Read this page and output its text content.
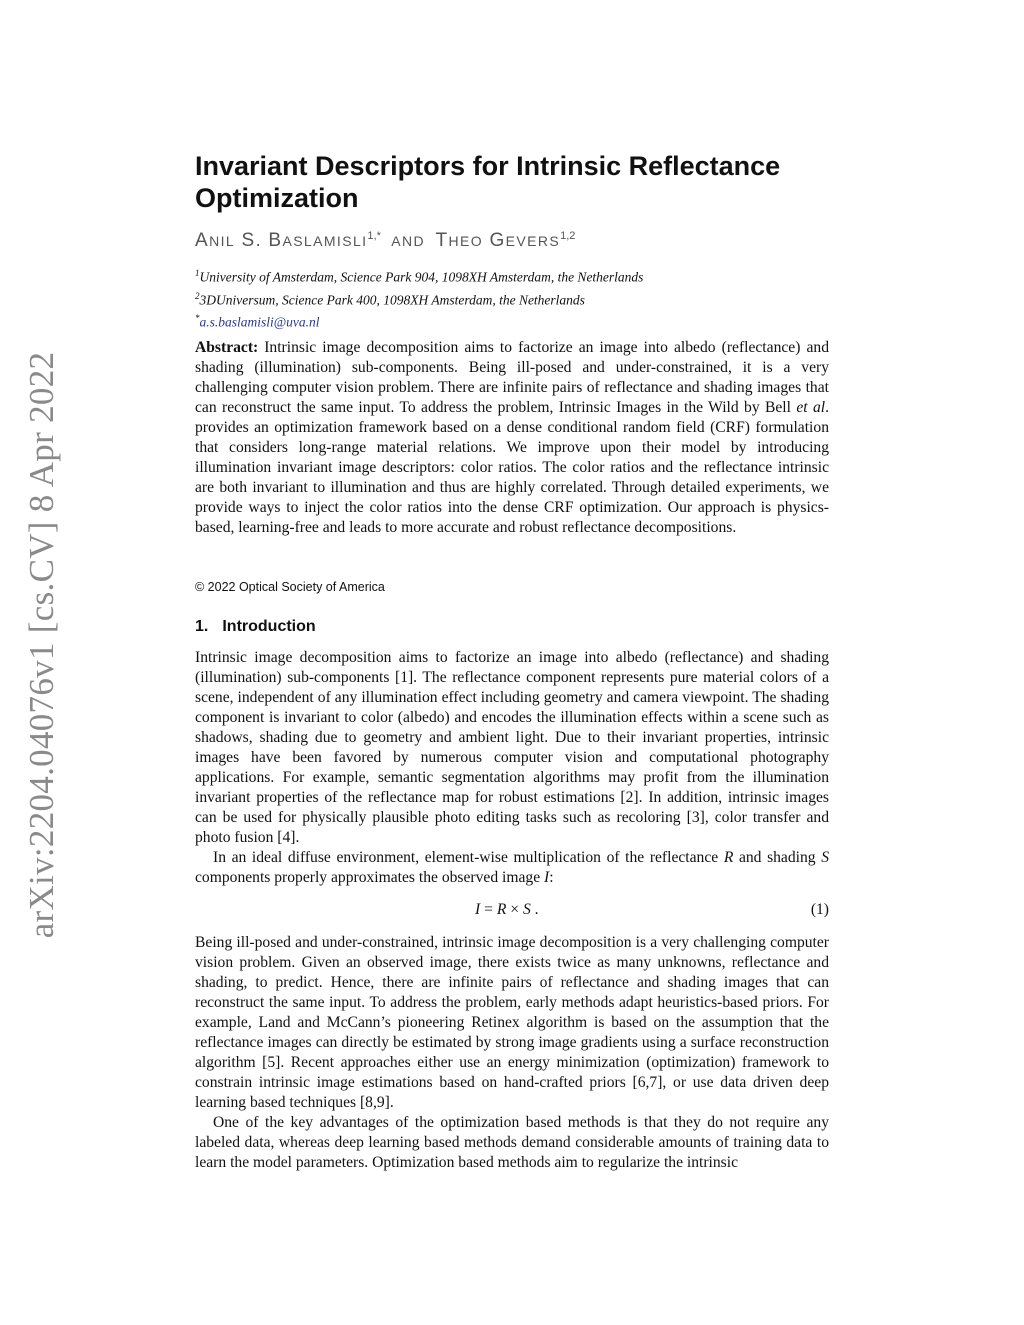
arXiv:2204.04076v1 [cs.CV] 8 Apr 2022
Invariant Descriptors for Intrinsic Reflectance Optimization
ANIL S. $BASLAMISLI^{1,*}$ AND THEO GEVERS$^{1,2}$
$^1$University of Amsterdam, Science Park 904, 1098XH Amsterdam, the Netherlands
$^2$3DUniversum, Science Park 400, 1098XH Amsterdam, the Netherlands
*a.s.baslamisli@uva.nl

Abstract: Intrinsic image decomposition aims to factorize an image into albedo (reflectance) and shading (illumination) sub-components. Being ill-posed and under-constrained, it is a very challenging computer vision problem. There are infinite pairs of reflectance and shading images that can reconstruct the same input. To address the problem, Intrinsic Images in the Wild by Bell et al. provides an optimization framework based on a dense conditional random field (CRF) formulation that considers long-range material relations. We improve upon their model by introducing illumination invariant image descriptors: color ratios. The color ratios and the reflectance intrinsic are both invariant to illumination and thus are highly correlated. Through detailed experiments, we provide ways to inject the color ratios into the dense CRF optimization. Our approach is physics-based, learning-free and leads to more accurate and robust reflectance decompositions.

© 2022 Optical Society of America
1. Introduction

Intrinsic image decomposition aims to factorize an image into albedo (reflectance) and shading (illumination) sub-components [1]. The reflectance component represents pure material colors of a scene, independent of any illumination effect including geometry and camera viewpoint. The shading component is invariant to color (albedo) and encodes the illumination effects within a scene such as shadows, shading due to geometry and ambient light. Due to their invariant properties, intrinsic images have been favored by numerous computer vision and computational photography applications. For example, semantic segmentation algorithms may profit from the illumination invariant properties of the reflectance map for robust estimations [2]. In addition, intrinsic images can be used for physically plausible photo editing tasks such as recoloring [3], color transfer and photo fusion [4].

In an ideal diffuse environment, element-wise multiplication of the reflectance R and shading S components properly approximates the observed image I:

I = R × S .	(1)

Being ill-posed and under-constrained, intrinsic image decomposition is a very challenging computer vision problem. Given an observed image, there exists twice as many unknowns, reflectance and shading, to predict. Hence, there are infinite pairs of reflectance and shading images that can reconstruct the same input. To address the problem, early methods adapt heuristics-based priors. For example, Land and McCann’s pioneering Retinex algorithm is based on the assumption that the reflectance images can directly be estimated by strong image gradients using a surface reconstruction algorithm [5]. Recent approaches either use an energy minimization (optimization) framework to constrain intrinsic image estimations based on hand-crafted priors [6,7], or use data driven deep learning based techniques [8,9].

One of the key advantages of the optimization based methods is that they do not require any labeled data, whereas deep learning based methods demand considerable amounts of training data to learn the model parameters. Optimization based methods aim to regularize the intrinsic
